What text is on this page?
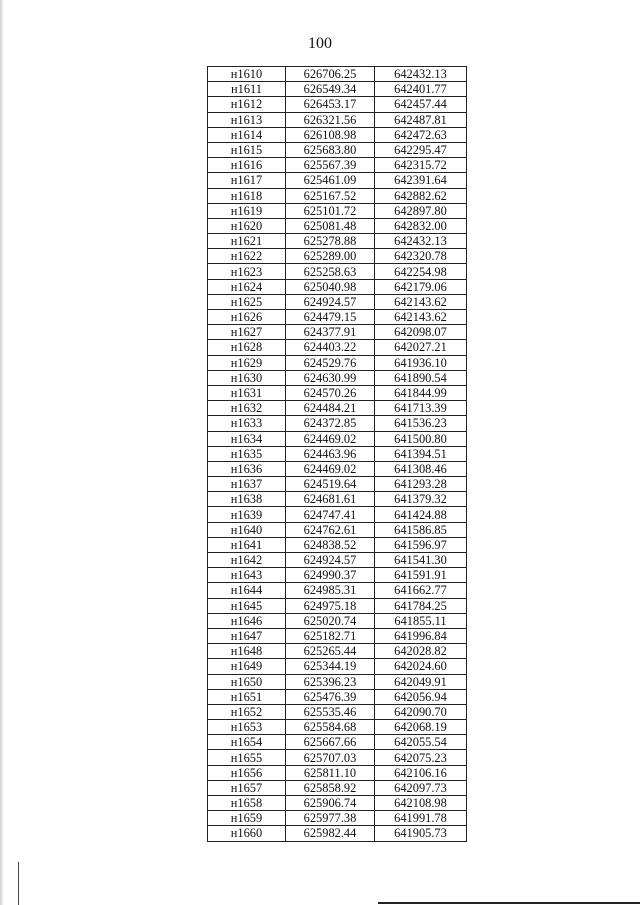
100
н1610	626706.25	642432.13
н1611	626549.34	642401.77
н1612	626453.17	642457.44
н1613	626321.56	642487.81
н1614	626108.98	642472.63
н1615	625683.80	642295.47
н1616	625567.39	642315.72
н1617	625461.09	642391.64
н1618	625167.52	642882.62
н1619	625101.72	642897.80
н1620	625081.48	642832.00
н1621	625278.88	642432.13
н1622	625289.00	642320.78
н1623	625258.63	642254.98
н1624	625040.98	642179.06
н1625	624924.57	642143.62
н1626	624479.15	642143.62
н1627	624377.91	642098.07
н1628	624403.22	642027.21
н1629	624529.76	641936.10
н1630	624630.99	641890.54
н1631	624570.26	641844.99
н1632	624484.21	641713.39
н1633	624372.85	641536.23
н1634	624469.02	641500.80
н1635	624463.96	641394.51
н1636	624469.02	641308.46
н1637	624519.64	641293.28
н1638	624681.61	641379.32
н1639	624747.41	641424.88
н1640	624762.61	641586.85
н1641	624838.52	641596.97
н1642	624924.57	641541.30
н1643	624990.37	641591.91
н1644	624985.31	641662.77
н1645	624975.18	641784.25
н1646	625020.74	641855.11
н1647	625182.71	641996.84
н1648	625265.44	642028.82
н1649	625344.19	642024.60
н1650	625396.23	642049.91
н1651	625476.39	642056.94
н1652	625535.46	642090.70
н1653	625584.68	642068.19
н1654	625667.66	642055.54
н1655	625707.03	642075.23
н1656	625811.10	642106.16
н1657	625858.92	642097.73
н1658	625906.74	642108.98
н1659	625977.38	641991.78
н1660	625982.44	641905.73
